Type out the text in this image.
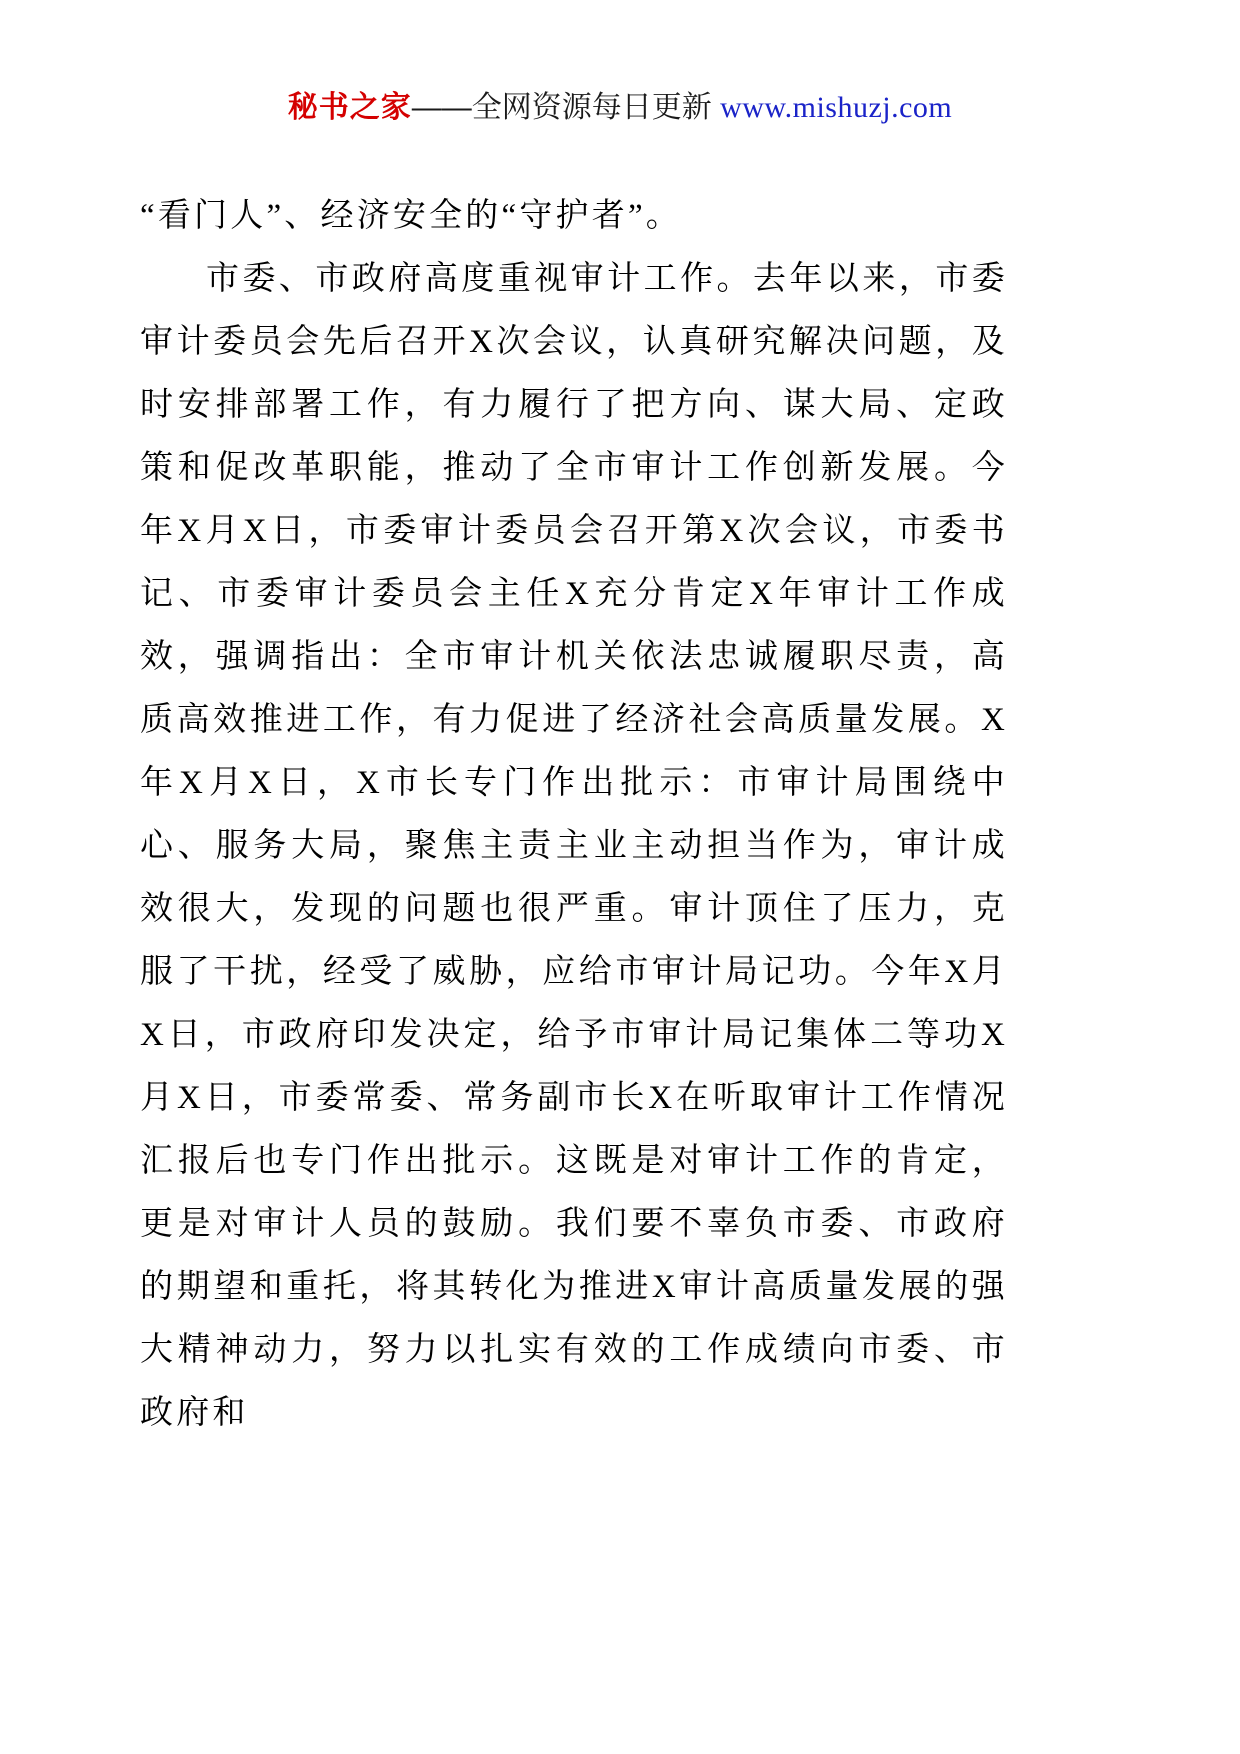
秘书之家——全网资源每日更新 www.mishuzj.com

“看门人”、经济安全的“守护者”。

市委、市政府高度重视审计工作。去年以来，市委审计委员会先后召开X次会议，认真研究解决问题，及时安排部署工作，有力履行了把方向、谋大局、定政策和促改革职能，推动了全市审计工作创新发展。今年X月X日，市委审计委员会召开第X次会议，市委书记、市委审计委员会主任X充分肯定X年审计工作成效，强调指出：全市审计机关依法忠诚履职尽责，高质高效推进工作，有力促进了经济社会高质量发展。X年X月X日，X市长专门作出批示：市审计局围绕中心、服务大局，聚焦主责主业主动担当作为，审计成效很大，发现的问题也很严重。审计顶住了压力，克服了干扰，经受了威胁，应给市审计局记功。今年X月X日，市政府印发决定，给予市审计局记集体二等功X月X日，市委常委、常务副市长X在听取审计工作情况汇报后也专门作出批示。这既是对审计工作的肯定，更是对审计人员的鼓励。我们要不辜负市委、市政府的期望和重托，将其转化为推进X审计高质量发展的强大精神动力，努力以扎实有效的工作成绩向市委、市政府和
